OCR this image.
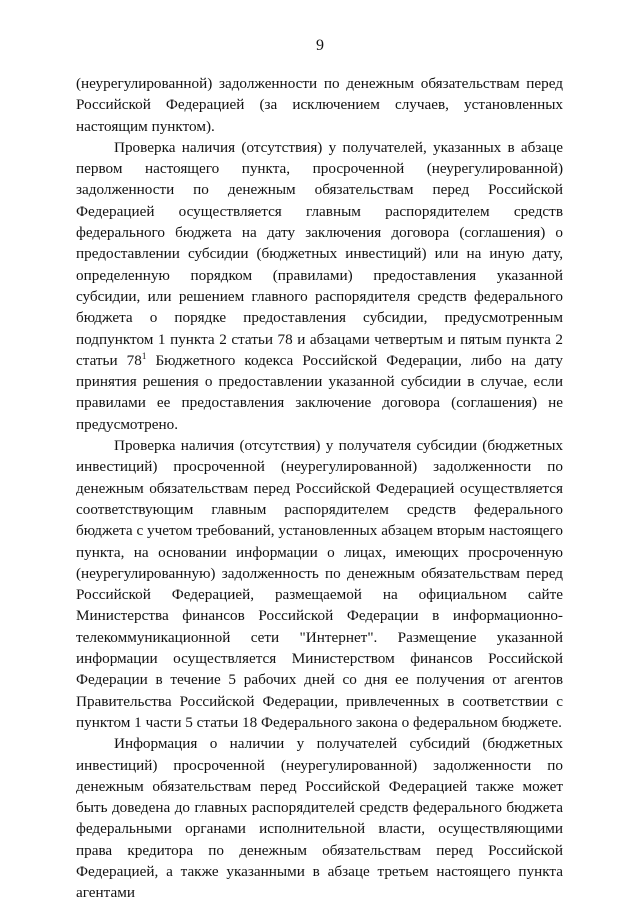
9

(неурегулированной) задолженности по денежным обязательствам перед Российской Федерацией (за исключением случаев, установленных настоящим пунктом).

Проверка наличия (отсутствия) у получателей, указанных в абзаце первом настоящего пункта, просроченной (неурегулированной) задолженности по денежным обязательствам перед Российской Федерацией осуществляется главным распорядителем средств федерального бюджета на дату заключения договора (соглашения) о предоставлении субсидии (бюджетных инвестиций) или на иную дату, определенную порядком (правилами) предоставления указанной субсидии, или решением главного распорядителя средств федерального бюджета о порядке предоставления субсидии, предусмотренным подпунктом 1 пункта 2 статьи 78 и абзацами четвертым и пятым пункта 2 статьи $78^1$ Бюджетного кодекса Российской Федерации, либо на дату принятия решения о предоставлении указанной субсидии в случае, если правилами ее предоставления заключение договора (соглашения) не предусмотрено.

Проверка наличия (отсутствия) у получателя субсидии (бюджетных инвестиций) просроченной (неурегулированной) задолженности по денежным обязательствам перед Российской Федерацией осуществляется соответствующим главным распорядителем средств федерального бюджета с учетом требований, установленных абзацем вторым настоящего пункта, на основании информации о лицах, имеющих просроченную (неурегулированную) задолженность по денежным обязательствам перед Российской Федерацией, размещаемой на официальном сайте Министерства финансов Российской Федерации в информационно-телекоммуникационной сети "Интернет". Размещение указанной информации осуществляется Министерством финансов Российской Федерации в течение 5 рабочих дней со дня ее получения от агентов Правительства Российской Федерации, привлеченных в соответствии с пунктом 1 части 5 статьи 18 Федерального закона о федеральном бюджете.

Информация о наличии у получателей субсидий (бюджетных инвестиций) просроченной (неурегулированной) задолженности по денежным обязательствам перед Российской Федерацией также может быть доведена до главных распорядителей средств федерального бюджета федеральными органами исполнительной власти, осуществляющими права кредитора по денежным обязательствам перед Российской Федерацией, а также указанными в абзаце третьем настоящего пункта агентами
